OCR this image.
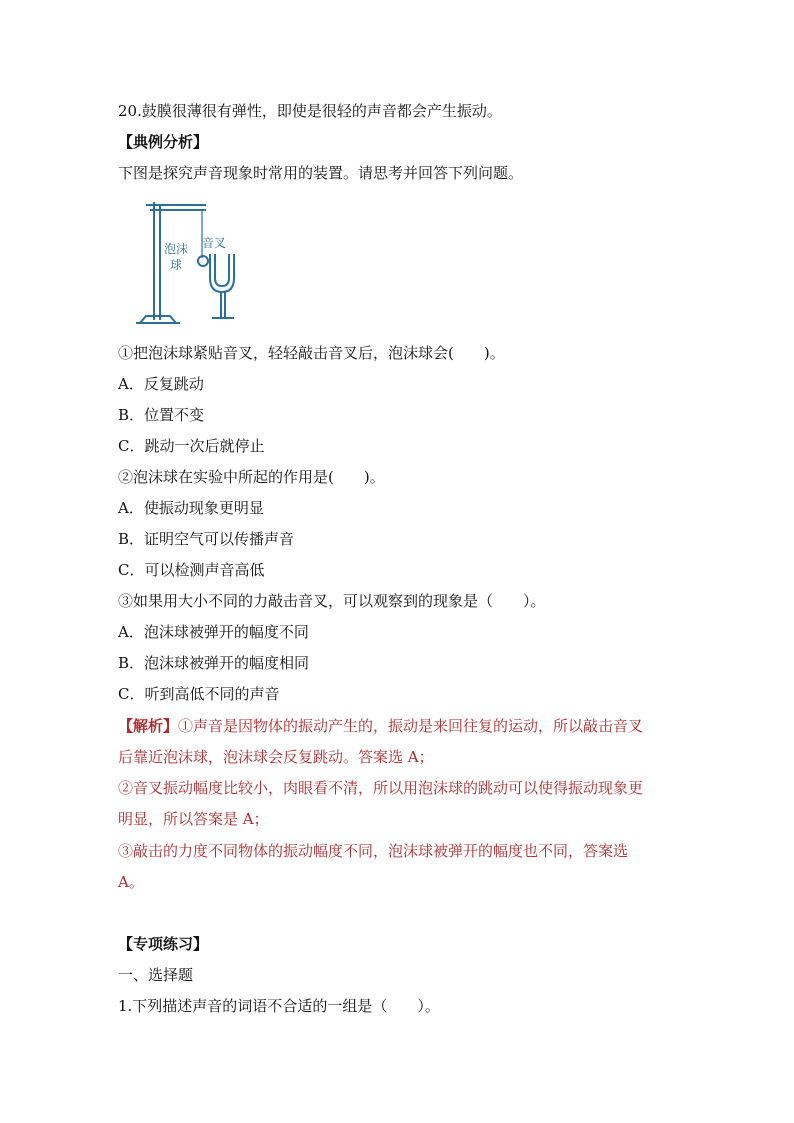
20.鼓膜很薄很有弹性，即使是很轻的声音都会产生振动。
【典例分析】
下图是探究声音现象时常用的装置。请思考并回答下列问题。
泡沫
球
音叉
①把泡沫球紧贴音叉，轻轻敲击音叉后，泡沫球会(　　)。
A．反复跳动
B．位置不变
C．跳动一次后就停止
②泡沫球在实验中所起的作用是(　　)。
A．使振动现象更明显
B．证明空气可以传播声音
C．可以检测声音高低
③如果用大小不同的力敲击音叉，可以观察到的现象是（　　）。
A．泡沫球被弹开的幅度不同
B．泡沫球被弹开的幅度相同
C．听到高低不同的声音
【解析】①声音是因物体的振动产生的，振动是来回往复的运动，所以敲击音叉
后靠近泡沫球，泡沫球会反复跳动。答案选 A；
②音叉振动幅度比较小，肉眼看不清，所以用泡沫球的跳动可以使得振动现象更
明显，所以答案是 A；
③敲击的力度不同物体的振动幅度不同，泡沫球被弹开的幅度也不同，答案选
A。
【专项练习】
一、选择题
1.下列描述声音的词语不合适的一组是（　　）。
